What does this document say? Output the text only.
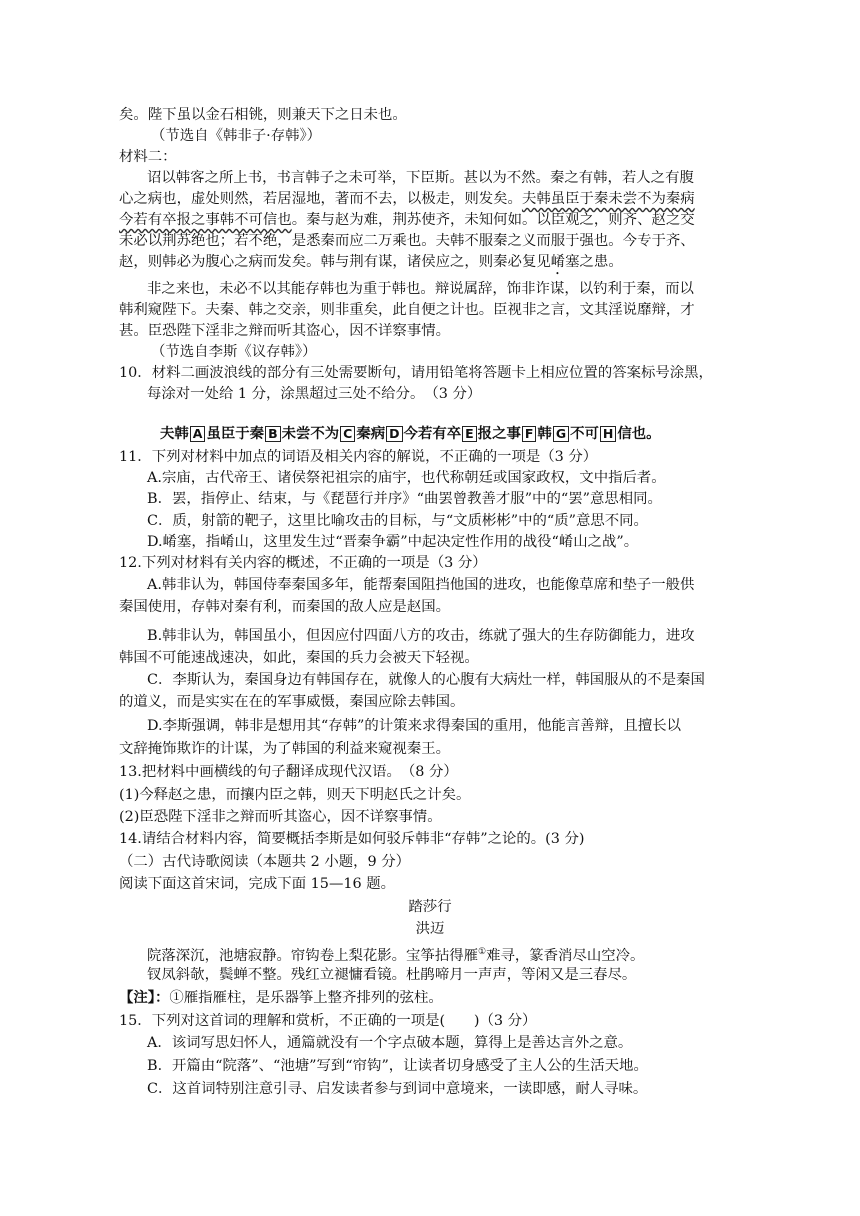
矣。陛下虽以金石相铫，则兼天下之日未也。
（节选自《韩非子·存韩》）
材料二：
诏以韩客之所上书，书言韩子之未可举，下臣斯。甚以为不然。秦之有韩，若人之有腹
心之病也，虚处则然，若居湿地，著而不去，以极走，则发矣。夫韩虽臣于秦未尝不为秦病
今若有卒报之事韩不可信也。秦与赵为难，荆苏使齐，未知何如。以臣观之，则齐、赵之交
未必以荆苏绝也；若不绝，是悉秦而应二万乘也。夫韩不服秦之义而服于强也。今专于齐、
赵，则韩必为腹心之病而发矣。韩与荆有谋，诸侯应之，则秦必复见崤塞之患。
非之来也，未必不以其能存韩也为重于韩也。辩说属辞，饰非诈谋，以钓利于秦，而以
韩利窥陛下。夫秦、韩之交亲，则非重矣，此自便之计也。臣视非之言，文其淫说靡辩，才
甚。臣恐陛下淫非之辩而听其盗心，因不详察事情。
（节选自李斯《议存韩》）
10．材料二画波浪线的部分有三处需要断句，请用铅笔将答题卡上相应位置的答案标号涂黑，
每涂对一处给 1 分，涂黑超过三处不给分。　（3 分）
夫韩 A 虽臣于秦 B 未尝不为 C 秦病 D 今若有卒 E 报之事 F 韩 G 不可 H 信也。
11．下列对材料中加点的词语及相关内容的解说，不正确的一项是（3 分）
A.宗庙，古代帝王、诸侯祭祀祖宗的庙宇，也代称朝廷或国家政权，文中指后者。
B．罢，指停止、结束，与《琵琶行并序》“曲罢曾教善才服”中的“罢”意思相同。
C．质，射箭的靶子，这里比喻攻击的目标，与“文质彬彬”中的“质”意思不同。
D.崤塞，指崤山，这里发生过“晋秦争霸”中起决定性作用的战役“崤山之战”。
12.下列对材料有关内容的概述，不正确的一项是（3 分）
A.韩非认为，韩国侍奉秦国多年，能帮秦国阻挡他国的进攻，也能像草席和垫子一般供
秦国使用，存韩对秦有利，而秦国的敌人应是赵国。
B.韩非认为，韩国虽小，但因应付四面八方的攻击，练就了强大的生存防御能力，进攻
韩国不可能速战速决，如此，秦国的兵力会被天下轻视。
C．李斯认为，秦国身边有韩国存在，就像人的心腹有大病灶一样，韩国服从的不是秦国
的道义，而是实实在在的军事威慑，秦国应除去韩国。
D.李斯强调，韩非是想用其“存韩”的计策来求得秦国的重用，他能言善辩，且擅长以
文辞掩饰欺诈的计谋，为了韩国的利益来窥视秦王。
13.把材料中画横线的句子翻译成现代汉语。　（8 分）
(1)今释赵之患，而攘内臣之韩，则天下明赵氏之计矣。
(2)臣恐陛下淫非之辩而听其盗心，因不详察事情。
14.请结合材料内容，简要概括李斯是如何驳斥韩非“存韩”之论的。(3 分)
（二）古代诗歌阅读（本题共 2 小题，9 分）
阅读下面这首宋词，完成下面 15—16 题。
踏莎行
洪迈
院落深沉，池塘寂静。帘钩卷上梨花影。宝筝拈得雁①难寻，篆香消尽山空冷。
钗凤斜欹，鬓蝉不整。残红立褪慵看镜。杜鹃啼月一声声，等闲又是三春尽。
【注】：①雁指雁柱，是乐器筝上整齐排列的弦柱。
15．下列对这首词的理解和赏析，不正确的一项是(　　)（3 分）
A．该词写思妇怀人，通篇就没有一个字点破本题，算得上是善达言外之意。
B．开篇由“院落”、“池塘”写到“帘钩”，让读者切身感受了主人公的生活天地。
C．这首词特别注意引寻、启发读者参与到词中意境来，一读即感，耐人寻味。
